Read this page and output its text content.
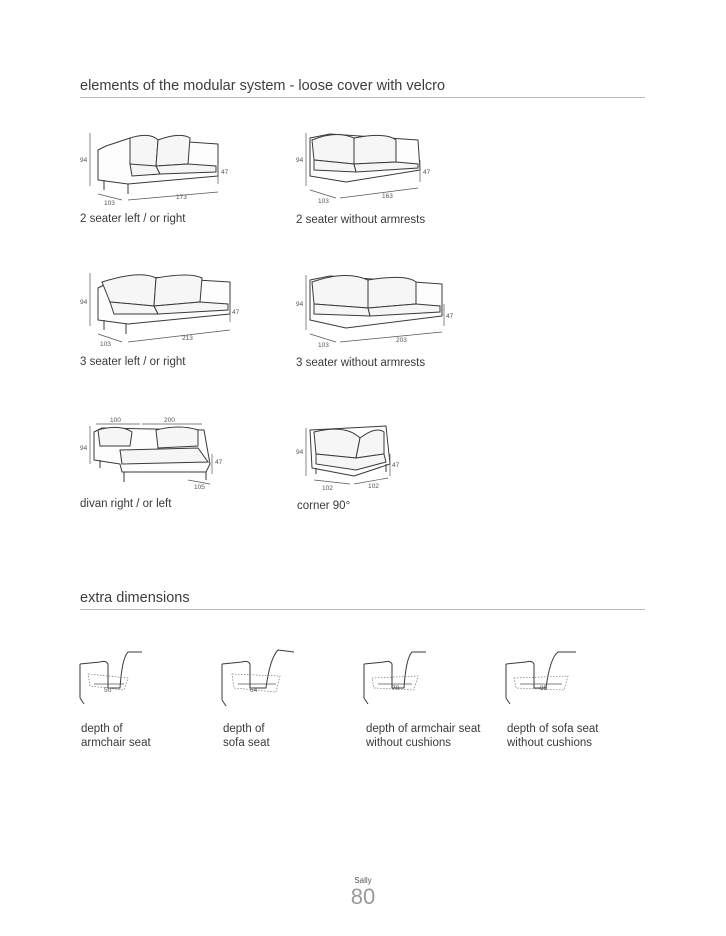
elements of the modular system - loose cover with velcro
94
47
103
173
2 seater left / or right
94
47
103
163
2 seater without armrests
94
47
103
213
3 seater left / or right
94
47
103
203
3 seater without armrests
100	200
94
47
105
divan right / or left
94
47
102	102
corner 90°
extra dimensions
50
depth of
armchair seat
64
depth of
sofa seat
70
depth of armchair seat
without cushions
85
depth of sofa seat
without cushions
Sally
80
